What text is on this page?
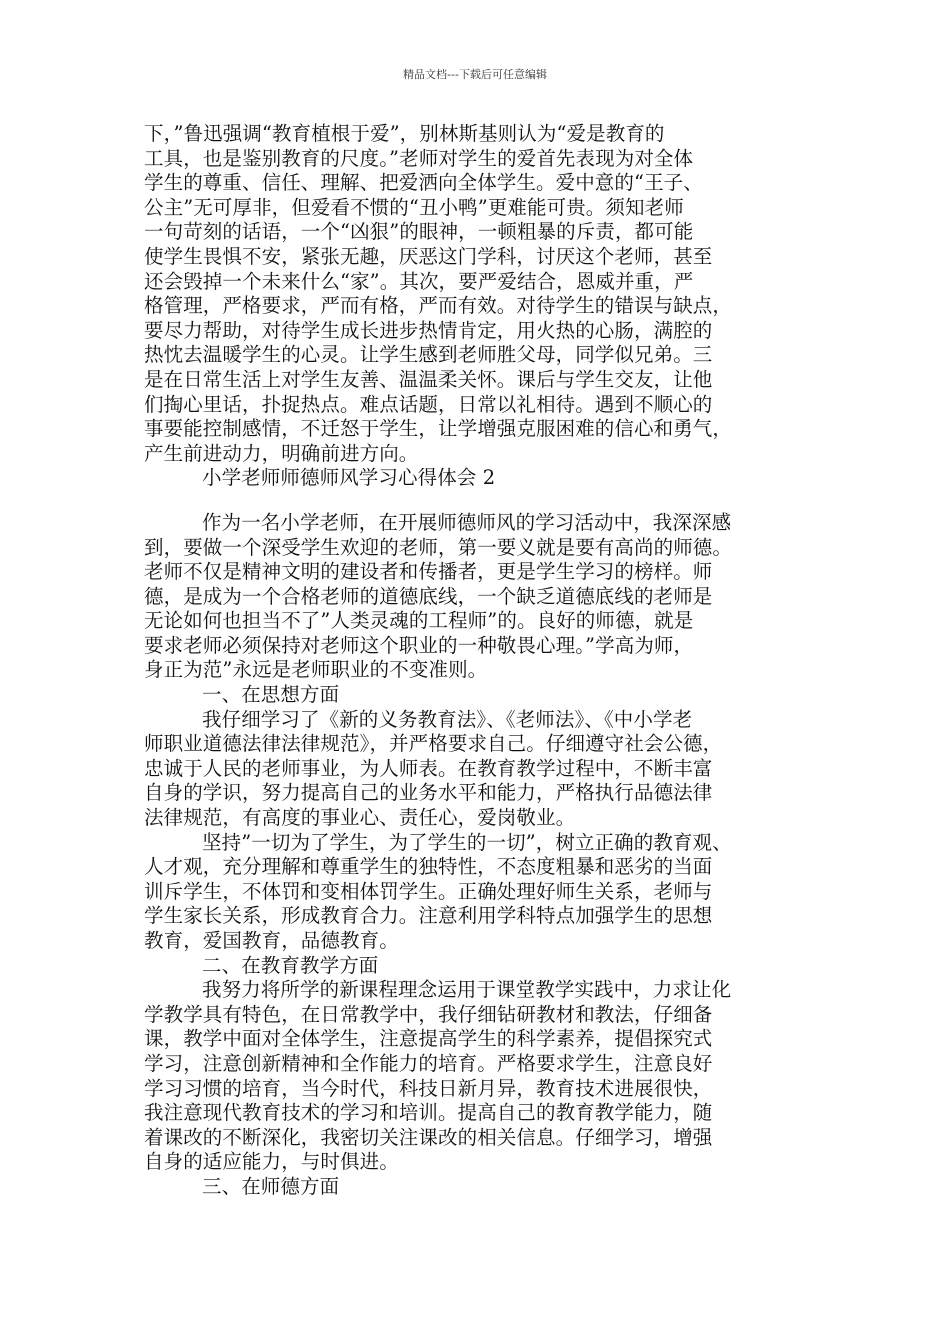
精品文档---下载后可任意编辑
下，”鲁迅强调“教育植根于爱”，别林斯基则认为“爱是教育的
工具，也是鉴别教育的尺度。”老师对学生的爱首先表现为对全体
学生的尊重、信任、理解、把爱洒向全体学生。爱中意的“王子、
公主”无可厚非，但爱看不惯的“丑小鸭”更难能可贵。须知老师
一句苛刻的话语，一个“凶狠”的眼神，一顿粗暴的斥责，都可能
使学生畏惧不安，紧张无趣，厌恶这门学科，讨厌这个老师，甚至
还会毁掉一个未来什么“家”。其次，要严爱结合，恩威并重，严
格管理，严格要求，严而有格，严而有效。对待学生的错误与缺点，
要尽力帮助，对待学生成长进步热情肯定，用火热的心肠，满腔的
热忱去温暖学生的心灵。让学生感到老师胜父母，同学似兄弟。三
是在日常生活上对学生友善、温温柔关怀。课后与学生交友，让他
们掏心里话，扑捉热点。难点话题，日常以礼相待。遇到不顺心的
事要能控制感情，不迁怒于学生，让学增强克服困难的信心和勇气，
产生前进动力，明确前进方向。
小学老师师德师风学习心得体会 2
作为一名小学老师，在开展师德师风的学习活动中，我深深感
到，要做一个深受学生欢迎的老师，第一要义就是要有高尚的师德。
老师不仅是精神文明的建设者和传播者，更是学生学习的榜样。师
德，是成为一个合格老师的道德底线，一个缺乏道德底线的老师是
无论如何也担当不了”人类灵魂的工程师”的。良好的师德，就是
要求老师必须保持对老师这个职业的一种敬畏心理。”学高为师，
身正为范”永远是老师职业的不变准则。
一、在思想方面
我仔细学习了《新的义务教育法》、《老师法》、《中小学老
师职业道德法律法律规范》，并严格要求自己。仔细遵守社会公德，
忠诚于人民的老师事业，为人师表。在教育教学过程中，不断丰富
自身的学识，努力提高自己的业务水平和能力，严格执行品德法律
法律规范，有高度的事业心、责任心，爱岗敬业。
坚持”一切为了学生，为了学生的一切”，树立正确的教育观、
人才观，充分理解和尊重学生的独特性，不态度粗暴和恶劣的当面
训斥学生，不体罚和变相体罚学生。正确处理好师生关系，老师与
学生家长关系，形成教育合力。注意利用学科特点加强学生的思想
教育，爱国教育，品德教育。
二、在教育教学方面
我努力将所学的新课程理念运用于课堂教学实践中，力求让化
学教学具有特色，在日常教学中，我仔细钻研教材和教法，仔细备
课，教学中面对全体学生，注意提高学生的科学素养，提倡探究式
学习，注意创新精神和全作能力的培育。严格要求学生，注意良好
学习习惯的培育，当今时代，科技日新月异，教育技术进展很快，
我注意现代教育技术的学习和培训。提高自己的教育教学能力，随
着课改的不断深化，我密切关注课改的相关信息。仔细学习，增强
自身的适应能力，与时俱进。
三、在师德方面
